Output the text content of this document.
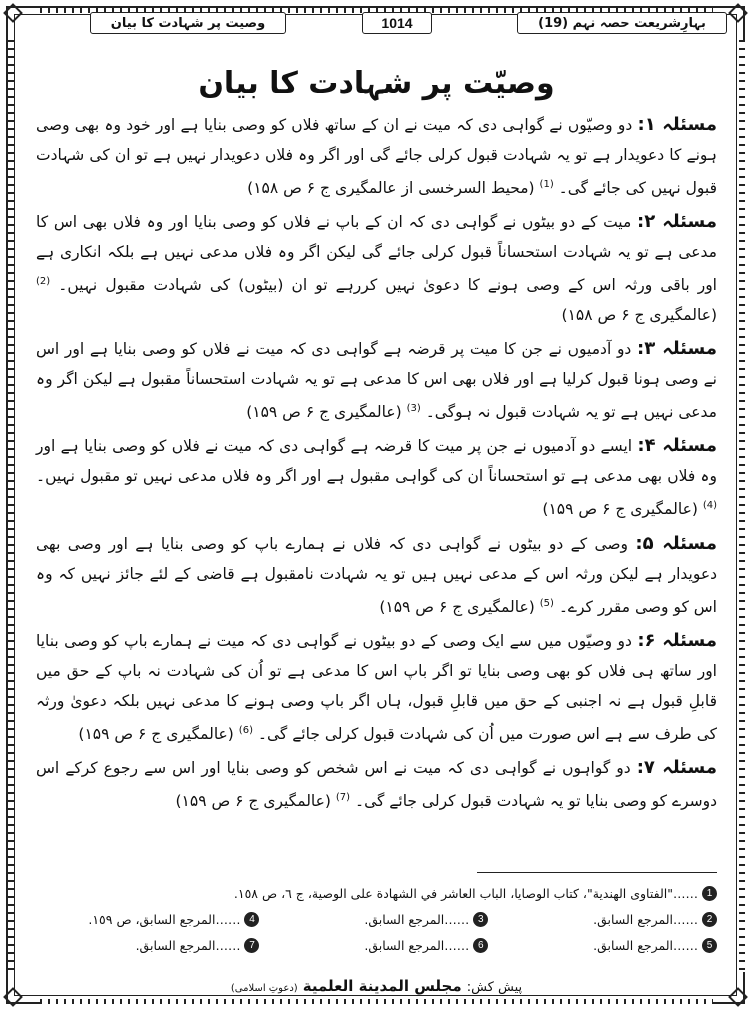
بہارِشریعت حصہ نہم (19)
1014
وصیت پر شہادت کا بیان
وصیّت پر شہادت کا بیان

مسئلہ ۱: دو وصیّوں نے گواہی دی کہ میت نے ان کے ساتھ فلاں کو وصی بنایا ہے اور خود وہ بھی وصی ہونے کا دعویدار ہے تو یہ شہادت قبول کرلی جائے گی اور اگر وہ فلاں دعویدار نہیں ہے تو ان کی شہادت قبول نہیں کی جائے گی۔ $^{(1)}$ (محیط السرخسی از عالمگیری ج ۶ ص ۱۵۸)

مسئلہ ۲: میت کے دو بیٹوں نے گواہی دی کہ ان کے باپ نے فلاں کو وصی بنایا اور وہ فلاں بھی اس کا مدعی ہے تو یہ شہادت استحساناً قبول کرلی جائے گی لیکن اگر وہ فلاں مدعی نہیں ہے بلکہ انکاری ہے اور باقی ورثہ اس کے وصی ہونے کا دعویٰ نہیں کررہے تو ان (بیٹوں) کی شہادت مقبول نہیں۔ $^{(2)}$ (عالمگیری ج ۶ ص ۱۵۸)

مسئلہ ۳: دو آدمیوں نے جن کا میت پر قرضہ ہے گواہی دی کہ میت نے فلاں کو وصی بنایا ہے اور اس نے وصی ہونا قبول کرلیا ہے اور فلاں بھی اس کا مدعی ہے تو یہ شہادت استحساناً مقبول ہے لیکن اگر وہ مدعی نہیں ہے تو یہ شہادت قبول نہ ہوگی۔ $^{(3)}$ (عالمگیری ج ۶ ص ۱۵۹)

مسئلہ ۴: ایسے دو آدمیوں نے جن پر میت کا قرضہ ہے گواہی دی کہ میت نے فلاں کو وصی بنایا ہے اور وہ فلاں بھی مدعی ہے تو استحساناً ان کی گواہی مقبول ہے اور اگر وہ فلاں مدعی نہیں تو مقبول نہیں۔ $^{(4)}$ (عالمگیری ج ۶ ص ۱۵۹)

مسئلہ ۵: وصی کے دو بیٹوں نے گواہی دی کہ فلاں نے ہمارے باپ کو وصی بنایا ہے اور وصی بھی دعویدار ہے لیکن ورثہ اس کے مدعی نہیں ہیں تو یہ شہادت نامقبول ہے قاضی کے لئے جائز نہیں کہ وہ اس کو وصی مقرر کرے۔ $^{(5)}$ (عالمگیری ج ۶ ص ۱۵۹)

مسئلہ ۶: دو وصیّوں میں سے ایک وصی کے دو بیٹوں نے گواہی دی کہ میت نے ہمارے باپ کو وصی بنایا اور ساتھ ہی فلاں کو بھی وصی بنایا تو اگر باپ اس کا مدعی ہے تو اُن کی شہادت نہ باپ کے حق میں قابلِ قبول ہے نہ اجنبی کے حق میں قابلِ قبول، ہاں اگر باپ وصی ہونے کا مدعی نہیں بلکہ دعویٰ ورثہ کی طرف سے ہے اس صورت میں اُن کی شہادت قبول کرلی جائے گی۔ $^{(6)}$ (عالمگیری ج ۶ ص ۱۵۹)

مسئلہ ۷: دو گواہوں نے گواہی دی کہ میت نے اس شخص کو وصی بنایا اور اس سے رجوع کرکے اس دوسرے کو وصی بنایا تو یہ شہادت قبول کرلی جائے گی۔ $^{(7)}$ (عالمگیری ج ۶ ص ۱۵۹)

1
……"الفتاوى الهندية"، كتاب الوصايا، الباب العاشر في الشهادة على الوصية، ج ٦، ص ١٥٨.
2
……المرجع السابق.
3
……المرجع السابق.
4
……المرجع السابق، ص ١٥٩.
5
……المرجع السابق.
6
……المرجع السابق.
7
……المرجع السابق.
پیش کش: مجلس المدينة العلمية (دعوتِ اسلامی)
